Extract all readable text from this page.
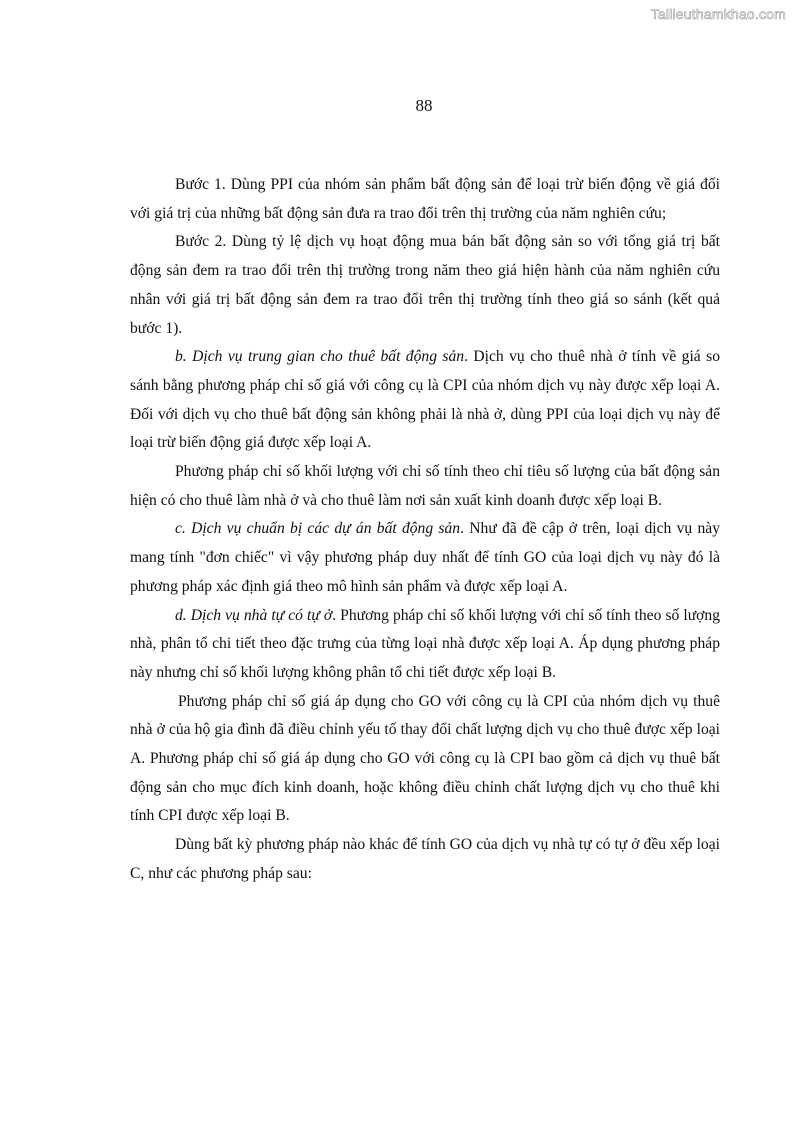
Tailieuthamkhao.com
88

Bước 1. Dùng PPI của nhóm sản phẩm bất động sản để loại trừ biến động về giá đối với giá trị của những bất động sản đưa ra trao đổi trên thị trường của năm nghiên cứu;

Bước 2. Dùng tỷ lệ dịch vụ hoạt động mua bán bất động sản so với tổng giá trị bất động sản đem ra trao đổi trên thị trường trong năm theo giá hiện hành của năm nghiên cứu nhân với giá trị bất động sản đem ra trao đổi trên thị trường tính theo giá so sánh (kết quả bước 1).

b. Dịch vụ trung gian cho thuê bất động sản. Dịch vụ cho thuê nhà ở tính về giá so sánh bằng phương pháp chỉ số giá với công cụ là CPI của nhóm dịch vụ này được xếp loại A. Đối với dịch vụ cho thuê bất động sản không phải là nhà ở, dùng PPI của loại dịch vụ này để loại trừ biến động giá được xếp loại A.

Phương pháp chỉ số khối lượng với chỉ số tính theo chỉ tiêu số lượng của bất động sản hiện có cho thuê làm nhà ở và cho thuê làm nơi sản xuất kinh doanh được xếp loại B.

c. Dịch vụ chuẩn bị các dự án bất động sản. Như đã đề cập ở trên, loại dịch vụ này mang tính "đơn chiếc" vì vậy phương pháp duy nhất để tính GO của loại dịch vụ này đó là phương pháp xác định giá theo mô hình sản phẩm và được xếp loại A.

d. Dịch vụ nhà tự có tự ở. Phương pháp chỉ số khối lượng với chỉ số tính theo số lượng nhà, phân tổ chi tiết theo đặc trưng của từng loại nhà được xếp loại A. Áp dụng phương pháp này nhưng chỉ số khối lượng không phân tổ chi tiết được xếp loại B.

Phương pháp chỉ số giá áp dụng cho GO với công cụ là CPI của nhóm dịch vụ thuê nhà ở của hộ gia đình đã điều chỉnh yếu tố thay đổi chất lượng dịch vụ cho thuê được xếp loại A. Phương pháp chỉ số giá áp dụng cho GO với công cụ là CPI bao gồm cả dịch vụ thuê bất động sản cho mục đích kinh doanh, hoặc không điều chỉnh chất lượng dịch vụ cho thuê khi tính CPI được xếp loại B.

Dùng bất kỳ phương pháp nào khác để tính GO của dịch vụ nhà tự có tự ở đều xếp loại C, như các phương pháp sau:
